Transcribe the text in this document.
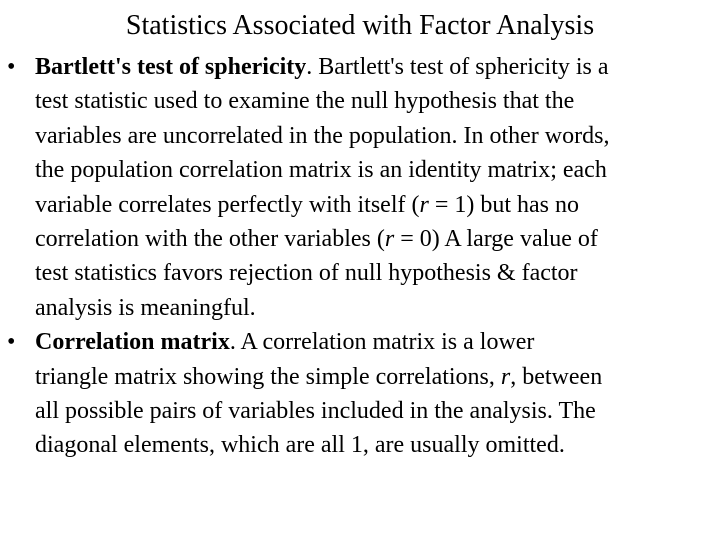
Statistics Associated with Factor Analysis
• Bartlett's test of sphericity. Bartlett's test of sphericity is a
test statistic used to examine the null hypothesis that the
variables are uncorrelated in the population. In other words,
the population correlation matrix is an identity matrix; each
variable correlates perfectly with itself (r = 1) but has no
correlation with the other variables (r = 0) A large value of
test statistics favors rejection of null hypothesis & factor
analysis is meaningful.
• Correlation matrix. A correlation matrix is a lower
triangle matrix showing the simple correlations, r, between
all possible pairs of variables included in the analysis. The
diagonal elements, which are all 1, are usually omitted.
